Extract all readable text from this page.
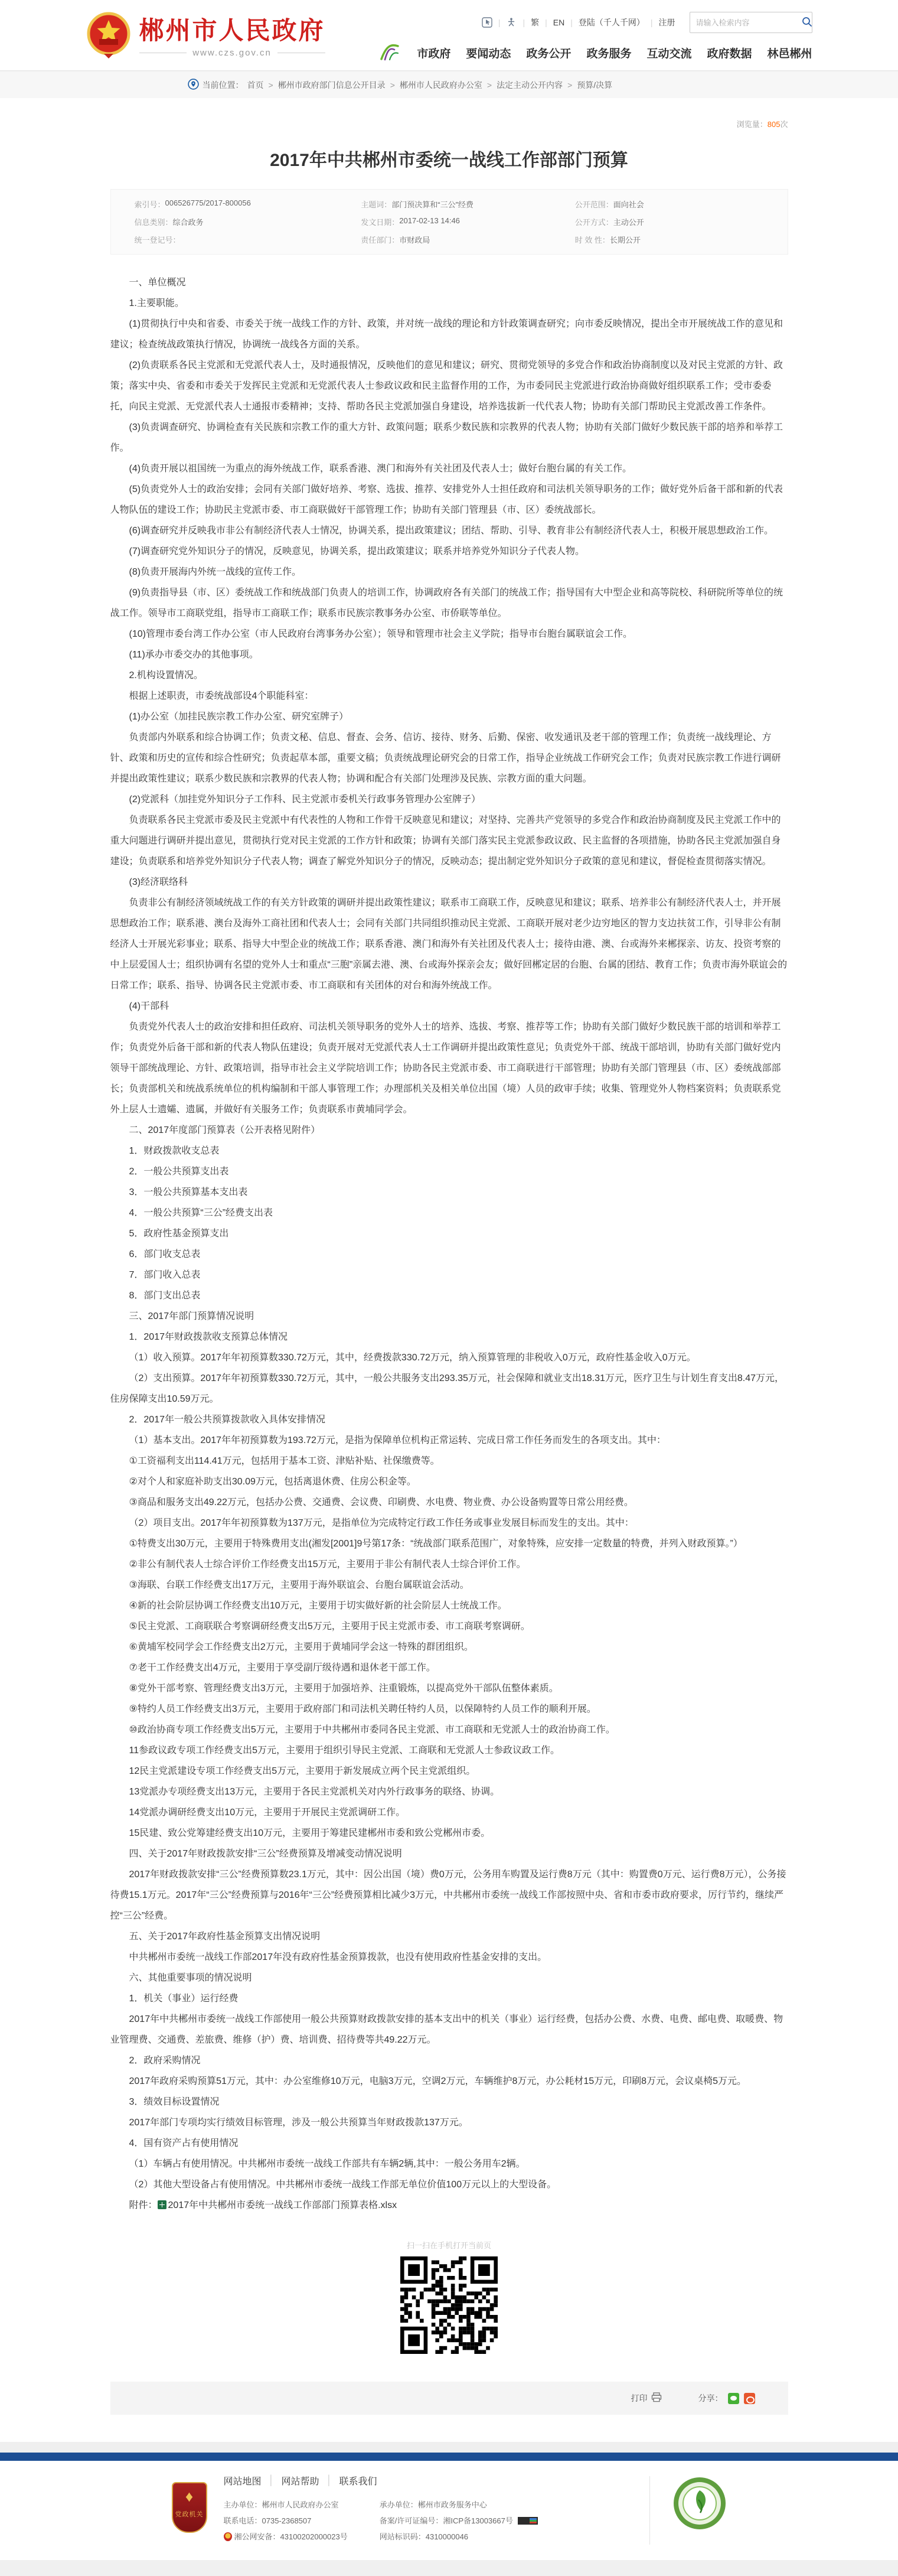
郴州市人民政府
www.czs.gov.cn
|	| 繁 | EN | 登陆（千人千网） | 注册
请输入检索内容
市政府 要闻动态 政务公开 政务服务 互动交流 政府数据 林邑郴州
当前位置： 首页 > 郴州市政府部门信息公开目录 > 郴州市人民政府办公室 > 法定主动公开内容 > 预算/决算
浏览量：805次
2017年中共郴州市委统一战线工作部部门预算
索引号： 006526775/2017-800056	主题词： 部门预决算和“三公”经费	公开范围： 面向社会
信息类别： 综合政务	发文日期： 2017-02-13 14:46	公开方式： 主动公开
统一登记号：	责任部门： 市财政局	时 效 性： 长期公开

一、单位概况

1.主要职能。

(1)贯彻执行中央和省委、市委关于统一战线工作的方针、政策，并对统一战线的理论和方针政策调查研究；向市委反映情况，提出全市开展统战工作的意见和建议；检查统战政策执行情况，协调统一战线各方面的关系。

(2)负责联系各民主党派和无党派代表人士，及时通报情况，反映他们的意见和建议；研究、贯彻党领导的多党合作和政治协商制度以及对民主党派的方针、政策；落实中央、省委和市委关于发挥民主党派和无党派代表人士参政议政和民主监督作用的工作，为市委同民主党派进行政治协商做好组织联系工作；受市委委托，向民主党派、无党派代表人士通报市委精神；支持、帮助各民主党派加强自身建设，培养选拔新一代代表人物；协助有关部门帮助民主党派改善工作条件。

(3)负责调查研究、协调检查有关民族和宗教工作的重大方针、政策问题；联系少数民族和宗教界的代表人物；协助有关部门做好少数民族干部的培养和举荐工作。

(4)负责开展以祖国统一为重点的海外统战工作，联系香港、澳门和海外有关社团及代表人士；做好台胞台属的有关工作。

(5)负责党外人士的政治安排；会同有关部门做好培养、考察、选拔、推荐、安排党外人士担任政府和司法机关领导职务的工作；做好党外后备干部和新的代表人物队伍的建设工作；协助民主党派市委、市工商联做好干部管理工作；协助有关部门管理县（市、区）委统战部长。

(6)调查研究并反映我市非公有制经济代表人士情况，协调关系，提出政策建议；团结、帮助、引导、教育非公有制经济代表人士，积极开展思想政治工作。

(7)调查研究党外知识分子的情况，反映意见，协调关系，提出政策建议；联系并培养党外知识分子代表人物。

(8)负责开展海内外统一战线的宣传工作。

(9)负责指导县（市、区）委统战工作和统战部门负责人的培训工作，协调政府各有关部门的统战工作；指导国有大中型企业和高等院校、科研院所等单位的统战工作。领导市工商联党组，指导市工商联工作；联系市民族宗教事务办公室、市侨联等单位。

(10)管理市委台湾工作办公室（市人民政府台湾事务办公室）；领导和管理市社会主义学院；指导市台胞台属联谊会工作。

(11)承办市委交办的其他事项。

2.机构设置情况。

根据上述职责，市委统战部设4个职能科室：

(1)办公室（加挂民族宗教工作办公室、研究室牌子）

负责部内外联系和综合协调工作；负责文秘、信息、督查、会务、信访、接待、财务、后勤、保密、收发通讯及老干部的管理工作；负责统一战线理论、方针、政策和历史的宣传和综合性研究；负责起草本部，重要文稿；负责统战理论研究会的日常工作，指导企业统战工作研究会工作；负责对民族宗教工作进行调研并提出政策性建议；联系少数民族和宗教界的代表人物；协调和配合有关部门处理涉及民族、宗教方面的重大问题。

(2)党派科（加挂党外知识分子工作科、民主党派市委机关行政事务管理办公室牌子）

负责联系各民主党派市委及民主党派中有代表性的人物和工作骨干反映意见和建议；对坚持、完善共产党领导的多党合作和政治协商制度及民主党派工作中的重大问题进行调研并提出意见，贯彻执行党对民主党派的工作方针和政策；协调有关部门落实民主党派参政议政、民主监督的各项措施，协助各民主党派加强自身建设；负责联系和培养党外知识分子代表人物；调查了解党外知识分子的情况，反映动态；提出制定党外知识分子政策的意见和建议，督促检查贯彻落实情况。

(3)经济联络科

负责非公有制经济领域统战工作的有关方针政策的调研并提出政策性建议；联系市工商联工作，反映意见和建议；联系、培养非公有制经济代表人士，并开展思想政治工作；联系港、澳台及海外工商社团和代表人士；会同有关部门共同组织推动民主党派、工商联开展对老少边穷地区的智力支边扶贫工作，引导非公有制经济人士开展光彩事业；联系、指导大中型企业的统战工作；联系香港、澳门和海外有关社团及代表人士；接待由港、澳、台或海外来郴探亲、访友、投资考察的中上层爱国人士；组织协调有名望的党外人士和重点“三胞”亲属去港、澳、台或海外探亲会友；做好回郴定居的台胞、台属的团结、教育工作；负责市海外联谊会的日常工作；联系、指导、协调各民主党派市委、市工商联和有关团体的对台和海外统战工作。

(4)干部科

负责党外代表人士的政治安排和担任政府、司法机关领导职务的党外人士的培养、选拔、考察、推荐等工作；协助有关部门做好少数民族干部的培训和举荐工作；负责党外后备干部和新的代表人物队伍建设；负责开展对无党派代表人士工作调研并提出政策性意见；负责党外干部、统战干部培训，协助有关部门做好党内领导干部统战理论、方针、政策培训，指导市社会主义学院培训工作；协助各民主党派市委、市工商联进行干部管理；协助有关部门管理县（市、区）委统战部部长；负责部机关和统战系统单位的机构编制和干部人事管理工作；办理部机关及相关单位出国（境）人员的政审手续；收集、管理党外人物档案资料；负责联系党外上层人士遗孀、遗属，并做好有关服务工作；负责联系市黄埔同学会。

二、2017年度部门预算表（公开表格见附件）

1．财政拨款收支总表

2．一般公共预算支出表

3．一般公共预算基本支出表

4．一般公共预算“三公”经费支出表

5．政府性基金预算支出

6．部门收支总表

7．部门收入总表

8．部门支出总表

三、2017年部门预算情况说明

1．2017年财政拨款收支预算总体情况

（1）收入预算。2017年年初预算数330.72万元，其中，经费拨款330.72万元，纳入预算管理的非税收入0万元，政府性基金收入0万元。

（2）支出预算。2017年年初预算数330.72万元，其中，一般公共服务支出293.35万元，社会保障和就业支出18.31万元，医疗卫生与计划生育支出8.47万元，住房保障支出10.59万元。

2．2017年一般公共预算拨款收入具体安排情况

（1）基本支出。2017年年初预算数为193.72万元，是指为保障单位机构正常运转、完成日常工作任务而发生的各项支出。其中：

①工资福利支出114.41万元，包括用于基本工资、津贴补贴、社保缴费等。

②对个人和家庭补助支出30.09万元，包括离退休费、住房公积金等。

③商品和服务支出49.22万元，包括办公费、交通费、会议费、印刷费、水电费、物业费、办公设备购置等日常公用经费。

（2）项目支出。2017年年初预算数为137万元，是指单位为完成特定行政工作任务或事业发展目标而发生的支出。其中：

①特费支出30万元，主要用于特殊费用支出(湘发[2001]9号第17条：“统战部门联系范围广，对象特殊，应安排一定数量的特费，并列入财政预算。”）

②非公有制代表人士综合评价工作经费支出15万元，主要用于非公有制代表人士综合评价工作。

③海联、台联工作经费支出17万元，主要用于海外联谊会、台胞台属联谊会活动。

④新的社会阶层协调工作经费支出10万元，主要用于切实做好新的社会阶层人士统战工作。

⑤民主党派、工商联联合考察调研经费支出5万元，主要用于民主党派市委、市工商联考察调研。

⑥黄埔军校同学会工作经费支出2万元，主要用于黄埔同学会这一特殊的群团组织。

⑦老干工作经费支出4万元，主要用于享受副厅级待遇和退休老干部工作。

⑧党外干部考察、管理经费支出3万元，主要用于加强培养、注重锻炼，以提高党外干部队伍整体素质。

⑨特约人员工作经费支出3万元，主要用于政府部门和司法机关聘任特约人员，以保障特约人员工作的顺利开展。

⑩政治协商专项工作经费支出5万元，主要用于中共郴州市委同各民主党派、市工商联和无党派人士的政治协商工作。

11参政议政专项工作经费支出5万元，主要用于组织引导民主党派、工商联和无党派人士参政议政工作。

12民主党派建设专项工作经费支出5万元，主要用于新发展成立两个民主党派组织。

13党派办专项经费支出13万元，主要用于各民主党派机关对内外行政事务的联络、协调。

14党派办调研经费支出10万元，主要用于开展民主党派调研工作。

15民建、致公党筹建经费支出10万元，主要用于筹建民建郴州市委和致公党郴州市委。

四、关于2017年财政拨款安排“三公”经费预算及增减变动情况说明

2017年财政拨款安排“三公”经费预算数23.1万元，其中：因公出国（境）费0万元，公务用车购置及运行费8万元（其中：购置费0万元、运行费8万元），公务接待费15.1万元。2017年“三公”经费预算与2016年“三公”经费预算相比减少3万元，中共郴州市委统一战线工作部按照中央、省和市委市政府要求，厉行节约，继续严控“三公”经费。

五、关于2017年政府性基金预算支出情况说明

中共郴州市委统一战线工作部2017年没有政府性基金预算拨款，也没有使用政府性基金安排的支出。

六、其他重要事项的情况说明

1．机关（事业）运行经费

2017年中共郴州市委统一战线工作部使用一般公共预算财政拨款安排的基本支出中的机关（事业）运行经费，包括办公费、水费、电费、邮电费、取暖费、物业管理费、交通费、差旅费、维修（护）费、培训费、招待费等共49.22万元。

2．政府采购情况

2017年政府采购预算51万元，其中：办公室维修10万元，电脑3万元，空调2万元，车辆维护8万元，办公耗材15万元，印刷8万元，会议桌椅5万元。

3．绩效目标设置情况

2017年部门专项均实行绩效目标管理，涉及一般公共预算当年财政拨款137万元。

4．国有资产占有使用情况

（1）车辆占有使用情况。中共郴州市委统一战线工作部共有车辆2辆,其中：一般公务用车2辆。

（2）其他大型设备占有使用情况。中共郴州市委统一战线工作部无单位价值100万元以上的大型设备。

附件： 2017年中共郴州市委统一战线工作部部门预算表格.xlsx
扫一扫在手机打开当前页
打印	分享：
♦
党政机关
网站地图 │ 网站帮助 │ 联系我们
主办单位：郴州市人民政府办公室
联系电话：0735-2368507
湘公网安备：43100202000023号
承办单位：郴州市政务服务中心
备案/许可证编号：湘ICP备13003667号
网站标识码：4310000046
